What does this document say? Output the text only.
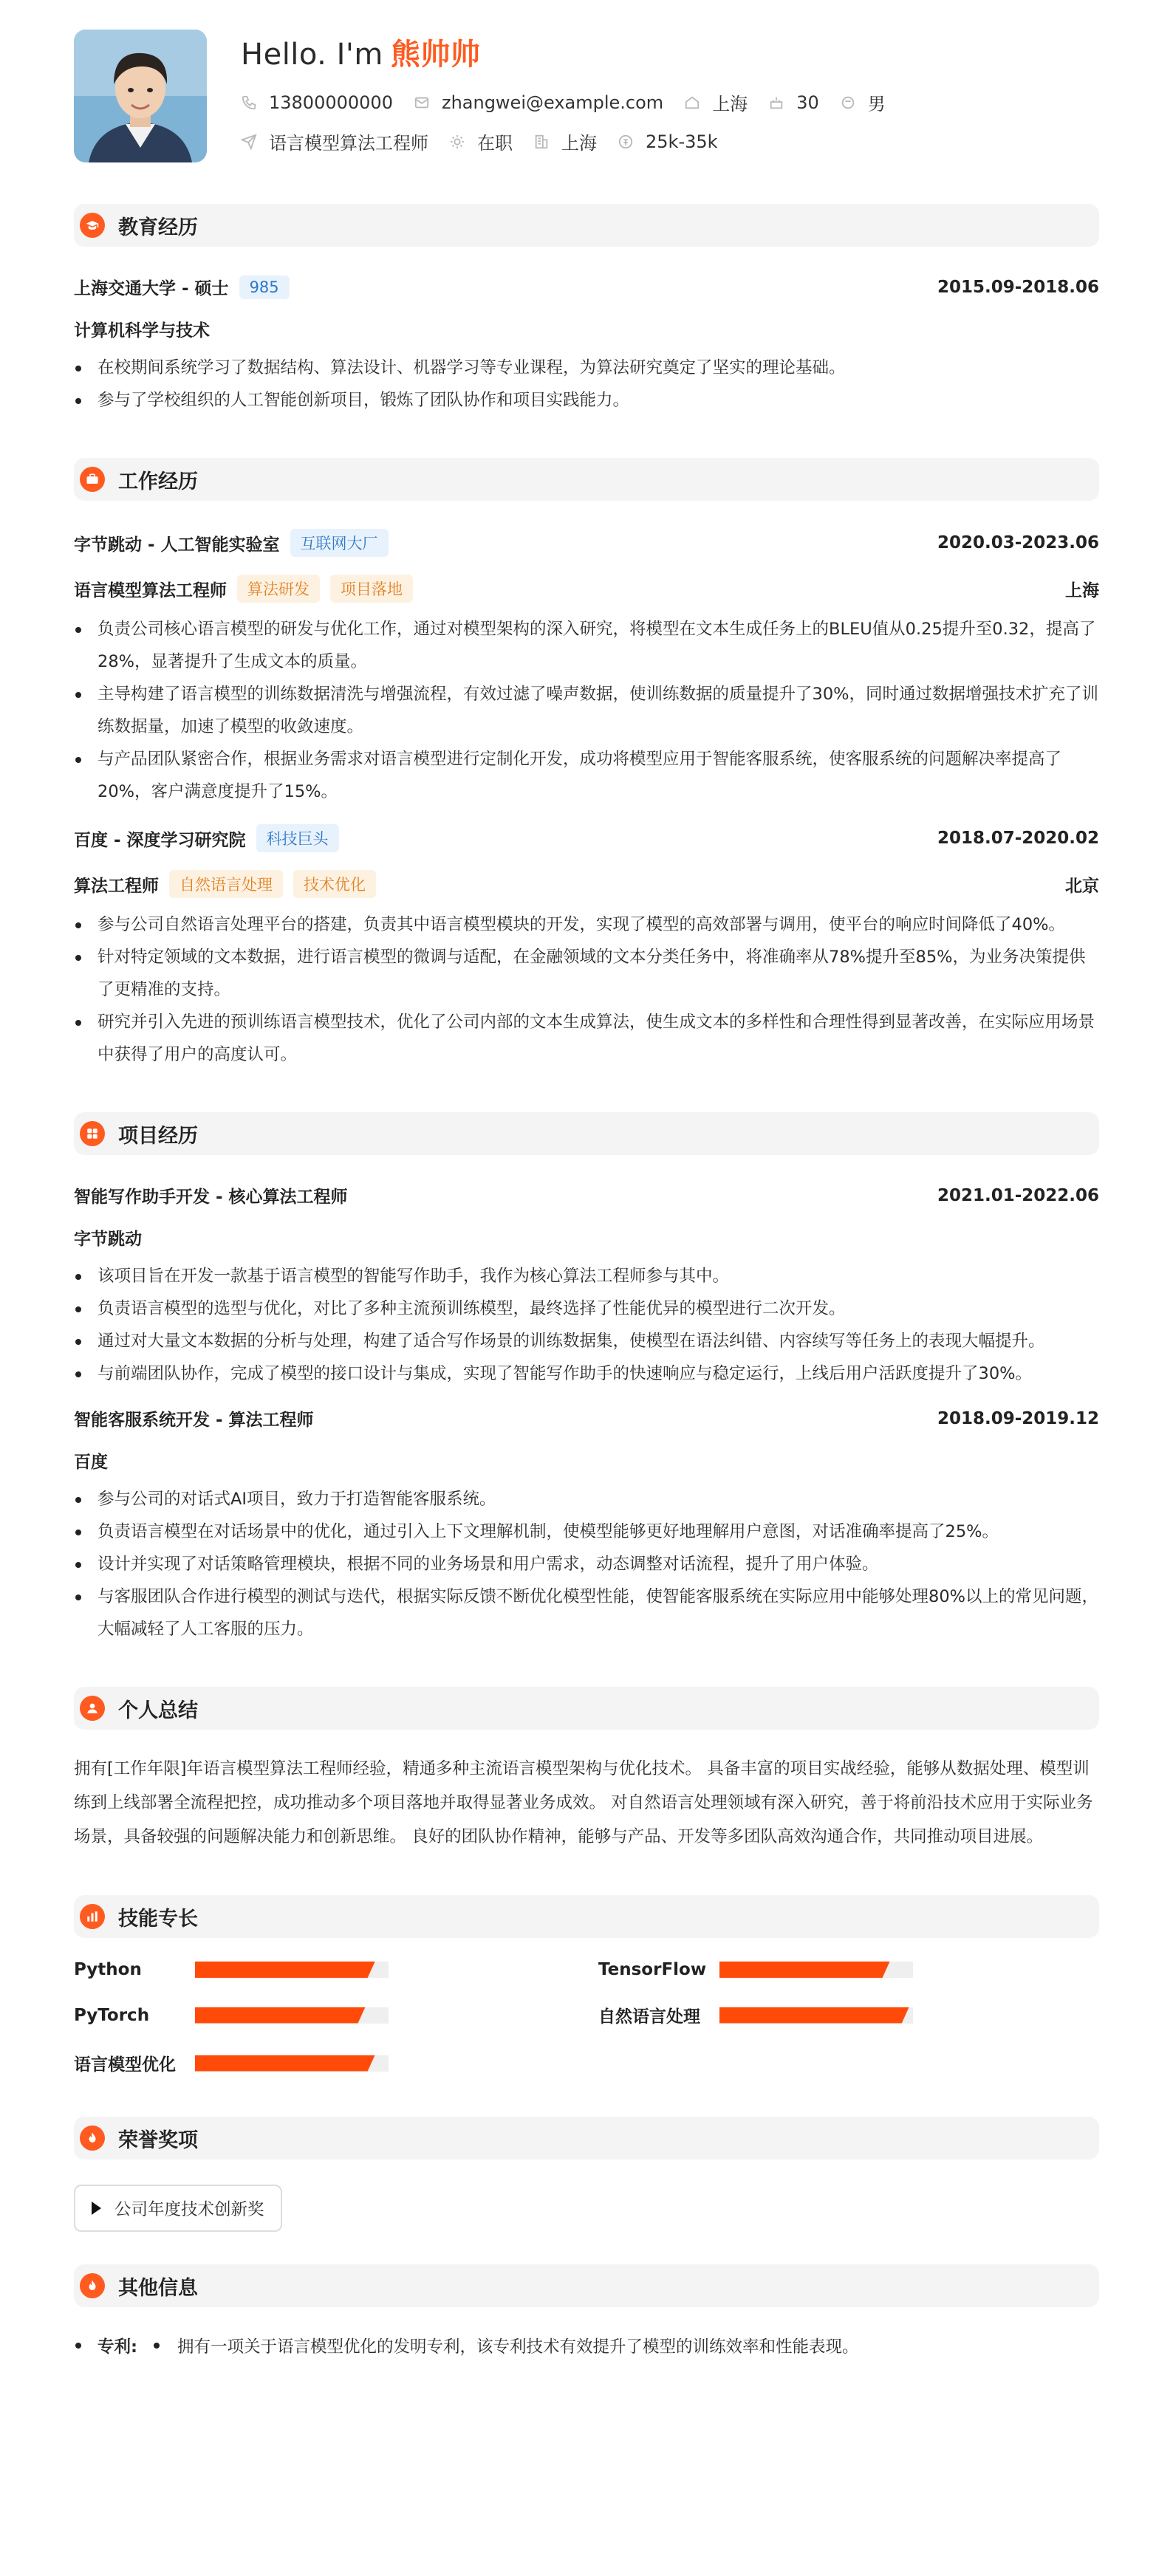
Hello. I'm 熊帅帅
13800000000	zhangwei@example.com	上海	30	男
语言模型算法工程师	在职	上海	25k-35k
教育经历
上海交通大学 - 硕士	985	2015.09-2018.06
计算机科学与技术
在校期间系统学习了数据结构、算法设计、机器学习等专业课程，为算法研究奠定了坚实的理论基础。
参与了学校组织的人工智能创新项目，锻炼了团队协作和项目实践能力。
工作经历
字节跳动 - 人工智能实验室	互联网大厂	2020.03-2023.06
语言模型算法工程师	算法研发	项目落地	上海
负责公司核心语言模型的研发与优化工作，通过对模型架构的深入研究，将模型在文本生成任务上的BLEU值从0.25提升至0.32，提高了28%，显著提升了生成文本的质量。
主导构建了语言模型的训练数据清洗与增强流程，有效过滤了噪声数据，使训练数据的质量提升了30%，同时通过数据增强技术扩充了训练数据量，加速了模型的收敛速度。
与产品团队紧密合作，根据业务需求对语言模型进行定制化开发，成功将模型应用于智能客服系统，使客服系统的问题解决率提高了20%，客户满意度提升了15%。
百度 - 深度学习研究院	科技巨头	2018.07-2020.02
算法工程师	自然语言处理	技术优化	北京
参与公司自然语言处理平台的搭建，负责其中语言模型模块的开发，实现了模型的高效部署与调用，使平台的响应时间降低了40%。
针对特定领域的文本数据，进行语言模型的微调与适配，在金融领域的文本分类任务中，将准确率从78%提升至85%，为业务决策提供了更精准的支持。
研究并引入先进的预训练语言模型技术，优化了公司内部的文本生成算法，使生成文本的多样性和合理性得到显著改善，在实际应用场景中获得了用户的高度认可。
项目经历
智能写作助手开发 - 核心算法工程师	2021.01-2022.06
字节跳动
该项目旨在开发一款基于语言模型的智能写作助手，我作为核心算法工程师参与其中。
负责语言模型的选型与优化，对比了多种主流预训练模型，最终选择了性能优异的模型进行二次开发。
通过对大量文本数据的分析与处理，构建了适合写作场景的训练数据集，使模型在语法纠错、内容续写等任务上的表现大幅提升。
与前端团队协作，完成了模型的接口设计与集成，实现了智能写作助手的快速响应与稳定运行，上线后用户活跃度提升了30%。
智能客服系统开发 - 算法工程师	2018.09-2019.12
百度
参与公司的对话式AI项目，致力于打造智能客服系统。
负责语言模型在对话场景中的优化，通过引入上下文理解机制，使模型能够更好地理解用户意图，对话准确率提高了25%。
设计并实现了对话策略管理模块，根据不同的业务场景和用户需求，动态调整对话流程，提升了用户体验。
与客服团队合作进行模型的测试与迭代，根据实际反馈不断优化模型性能，使智能客服系统在实际应用中能够处理80%以上的常见问题，大幅减轻了人工客服的压力。
个人总结

拥有[工作年限]年语言模型算法工程师经验，精通多种主流语言模型架构与优化技术。 具备丰富的项目实战经验，能够从数据处理、模型训练到上线部署全流程把控，成功推动多个项目落地并取得显著业务成效。 对自然语言处理领域有深入研究，善于将前沿技术应用于实际业务场景，具备较强的问题解决能力和创新思维。 良好的团队协作精神，能够与产品、开发等多团队高效沟通合作，共同推动项目进展。

技能专长
Python	TensorFlow
PyTorch	自然语言处理
语言模型优化
荣誉奖项
公司年度技术创新奖
其他信息
专利: 拥有一项关于语言模型优化的发明专利，该专利技术有效提升了模型的训练效率和性能表现。
